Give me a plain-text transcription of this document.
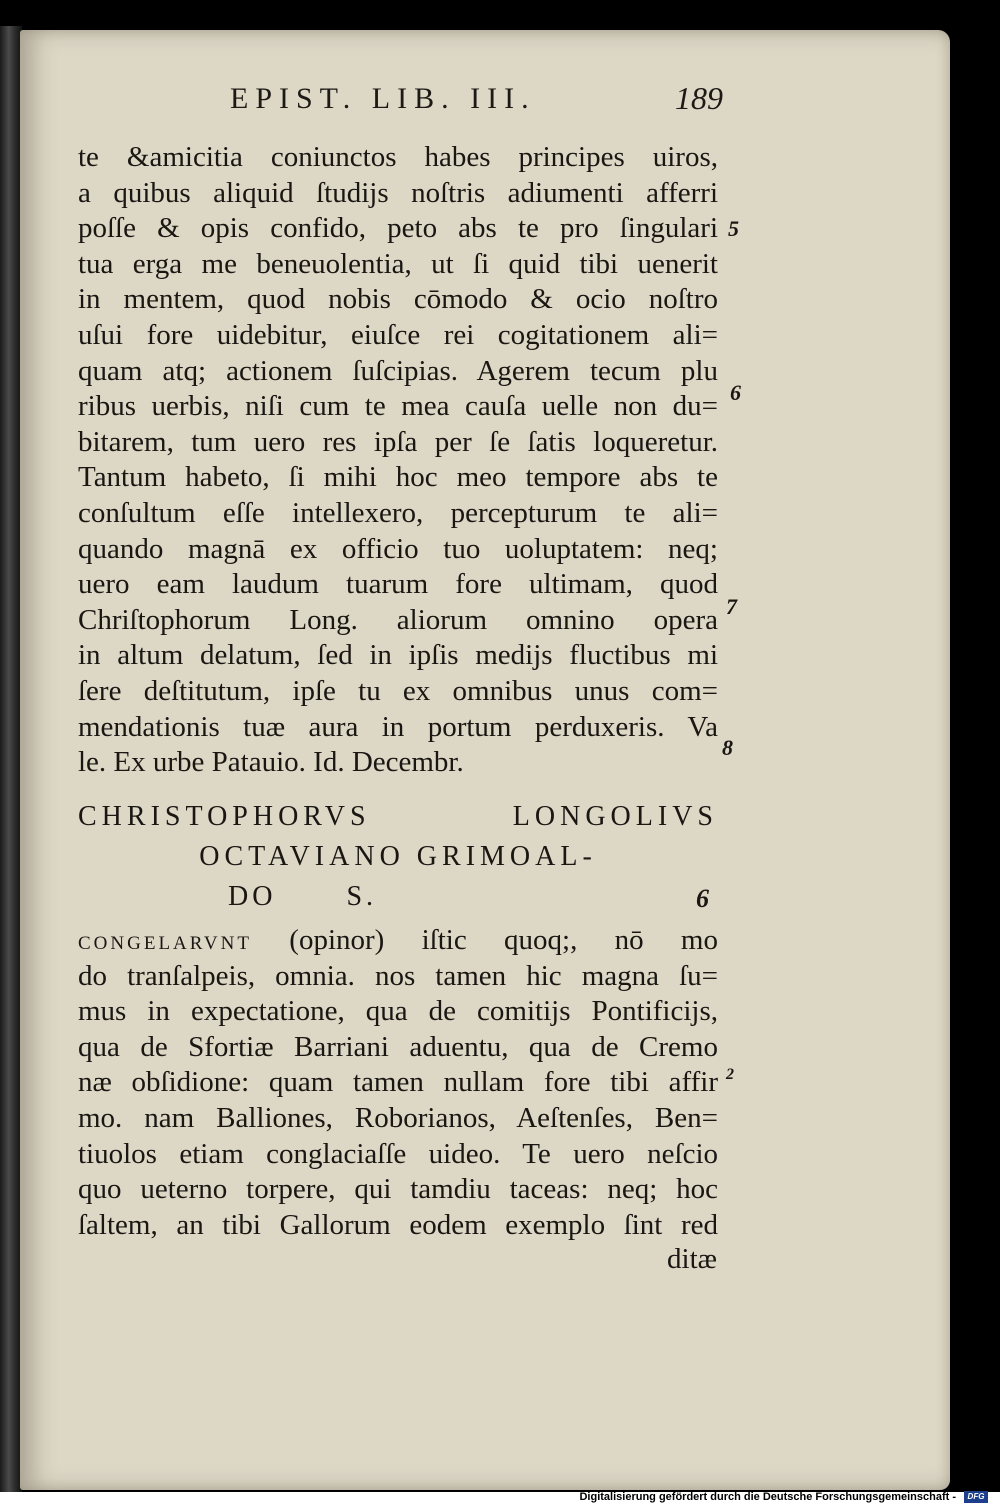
EPIST. LIB. III.	189
te &amicitia coniunctos habes principes uiros,
a quibus aliquid ſtudijs noſtris adiumenti afferri
poſſe & opis confido, peto abs te pro ſingulari
tua erga me beneuolentia, ut ſi quid tibi uenerit
in mentem, quod nobis cōmodo & ocio noſtro
uſui fore uidebitur, eiuſce rei cogitationem ali=
quam atq; actionem ſuſcipias. Agerem tecum plu
ribus uerbis, niſi cum te mea cauſa uelle non du=
bitarem, tum uero res ipſa per ſe ſatis loqueretur.
Tantum habeto, ſi mihi hoc meo tempore abs te
conſultum eſſe intellexero, percepturum te ali=
quando magnā ex officio tuo uoluptatem: neq;
uero eam laudum tuarum fore ultimam, quod
Chriſtophorum Long. aliorum omnino opera
in altum delatum, ſed in ipſis medijs fluctibus mi
ſere deſtitutum, ipſe tu ex omnibus unus com=
mendationis tuæ aura in portum perduxeris. Va
le. Ex urbe Patauio. Id. Decembr.
CHRISTOPHORVS LONGOLIVS
OCTAVIANO GRIMOAL-
DO	S.	6
CONGELARVNT (opinor) iſtic quoq;, nō mo
do tranſalpeis, omnia. nos tamen hic magna ſu=
mus in expectatione, qua de comitijs Pontificijs,
qua de Sfortiæ Barriani aduentu, qua de Cremo
næ obſidione: quam tamen nullam fore tibi affir
mo. nam Balliones, Roborianos, Aeſtenſes, Ben=
tiuolos etiam conglaciaſſe uideo. Te uero neſcio
quo ueterno torpere, qui tamdiu taceas: neq; hoc
ſaltem, an tibi Gallorum eodem exemplo ſint red
ditæ
5
6
7
8
2
Digitalisierung gefördert durch die Deutsche Forschungsgemeinschaft -	DFG
